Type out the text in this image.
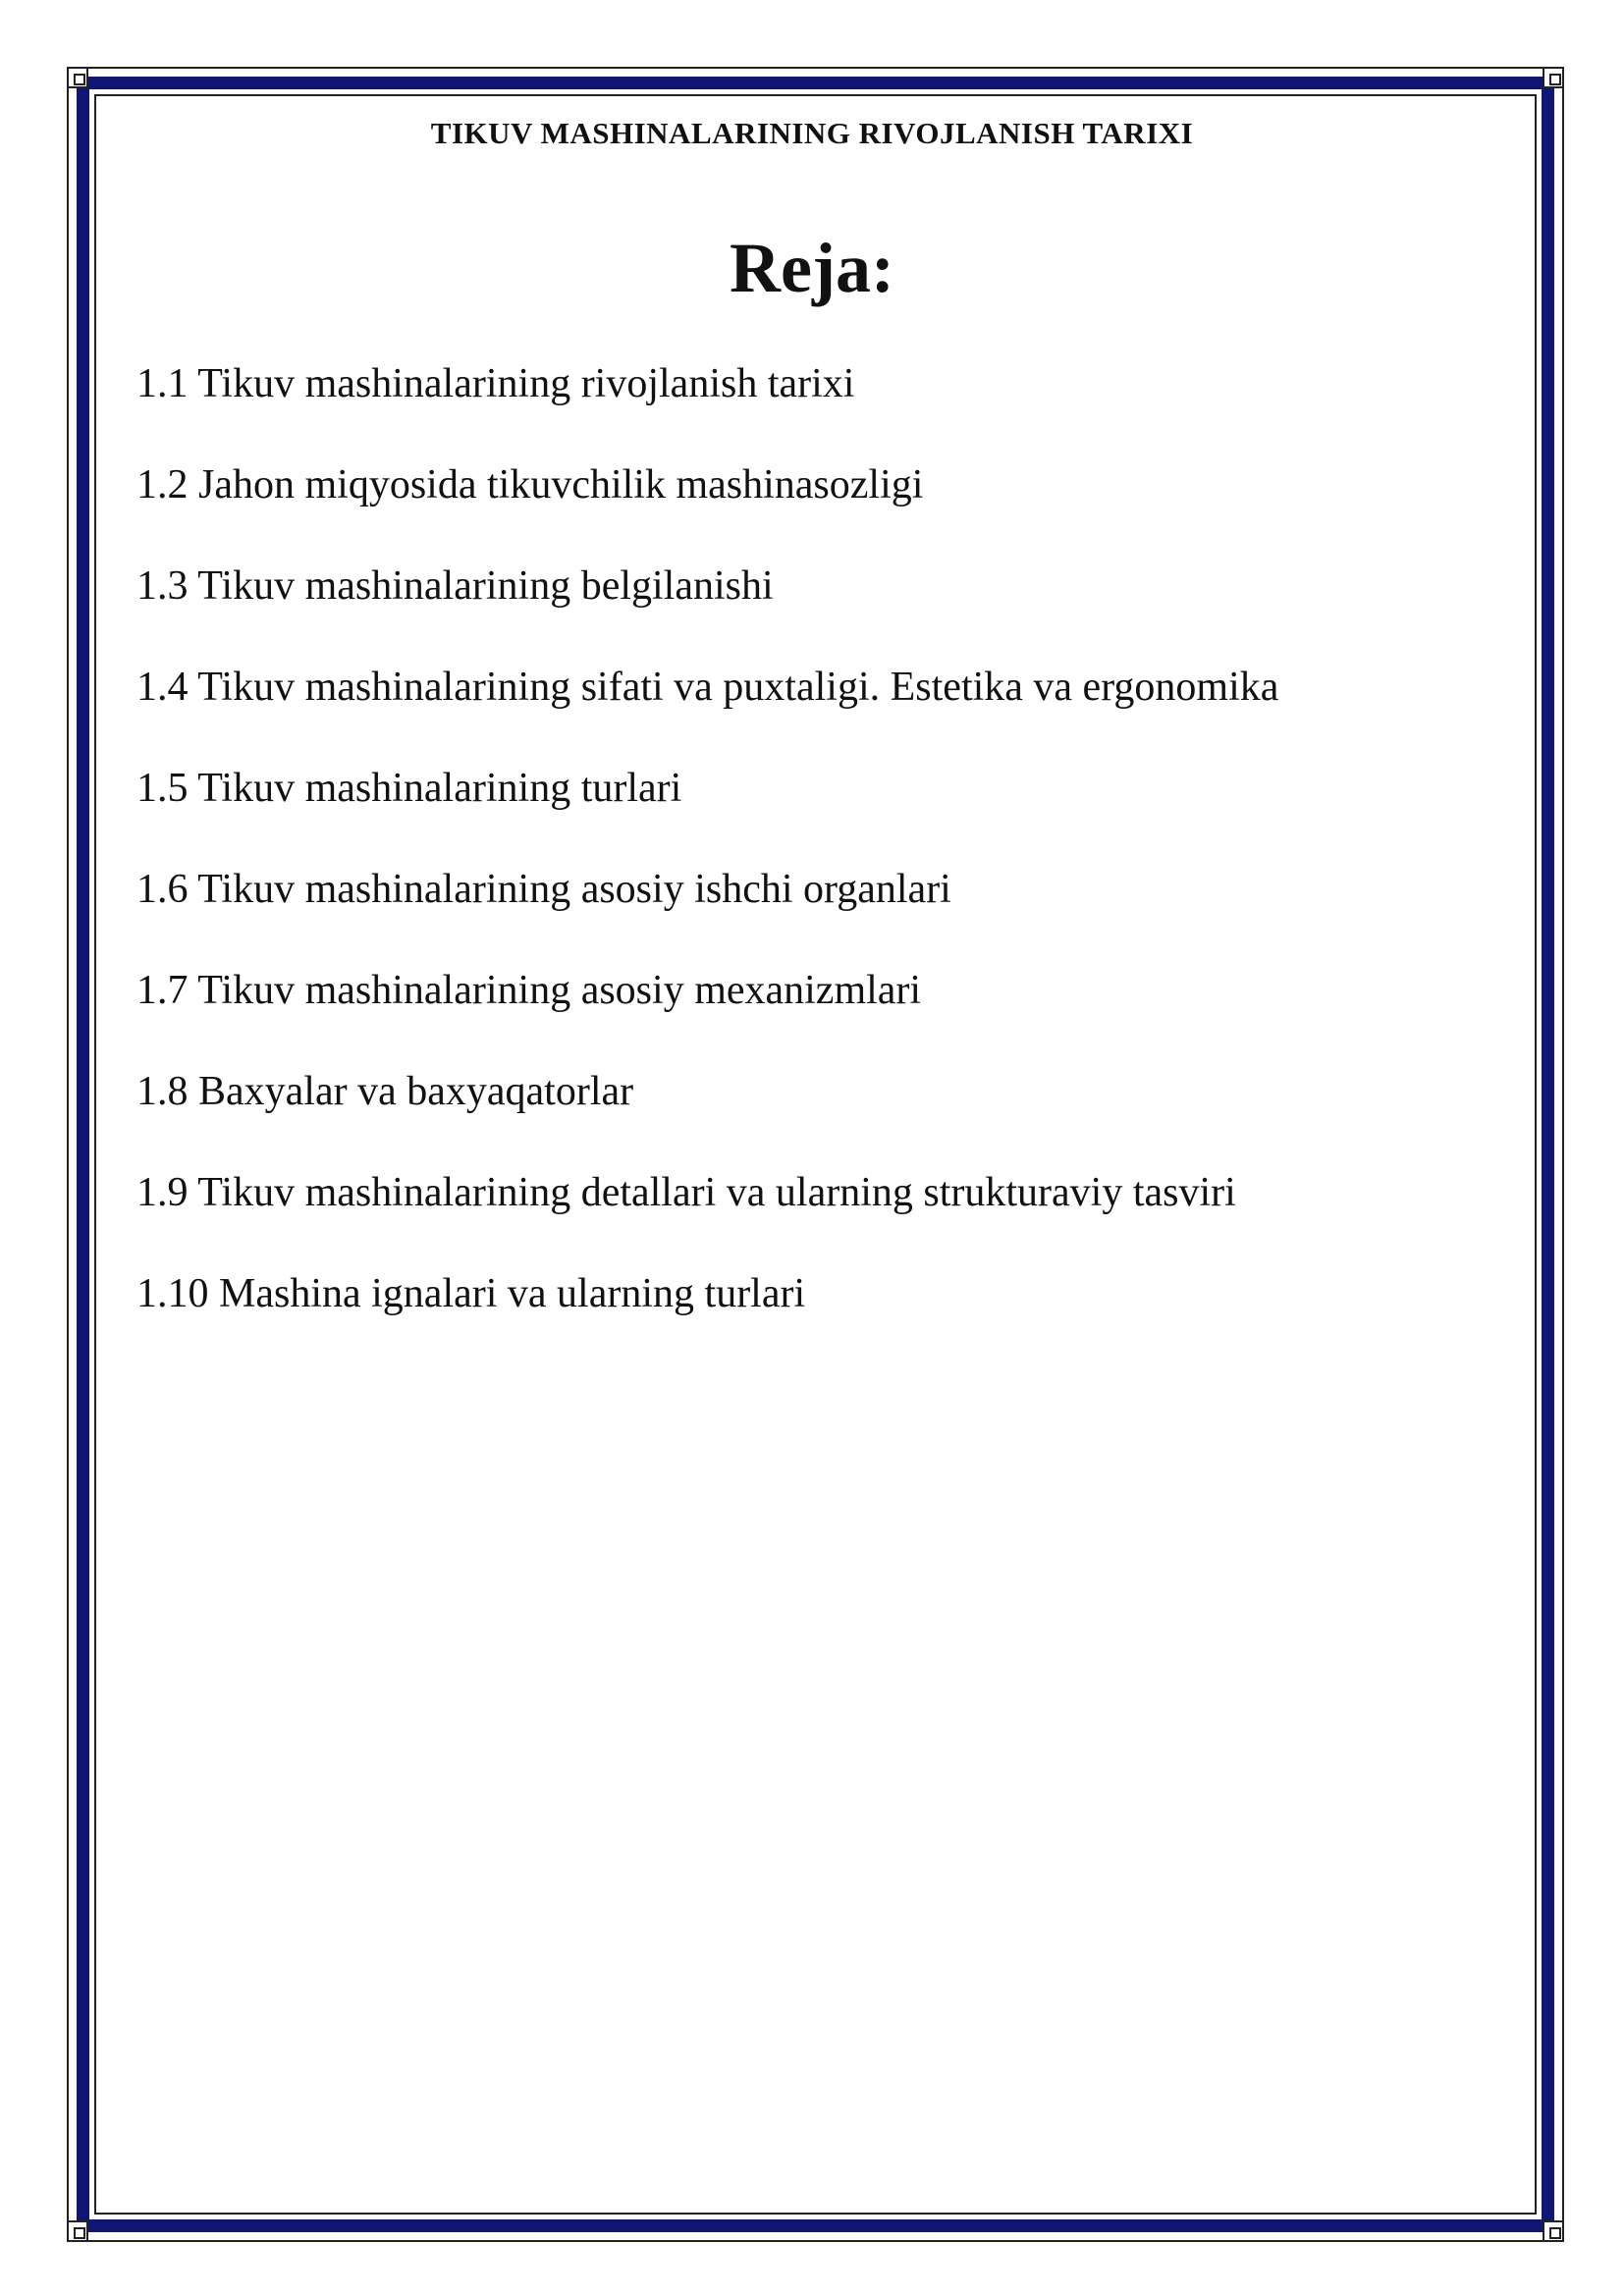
TIKUV MASHINALARINING RIVOJLANISH TARIXI
Reja:
1.1 Tikuv mashinalarining rivojlanish tarixi
1.2 Jahon miqyosida tikuvchilik mashinasozligi
1.3 Tikuv mashinalarining belgilanishi
1.4 Tikuv mashinalarining sifati va puxtaligi. Estetika va ergonomika
1.5 Tikuv mashinalarining turlari
1.6 Tikuv mashinalarining asosiy ishchi organlari
1.7 Tikuv mashinalarining asosiy mexanizmlari
1.8 Baxyalar va baxyaqatorlar
1.9 Tikuv mashinalarining detallari va ularning strukturaviy tasviri
1.10 Mashina ignalari va ularning turlari
